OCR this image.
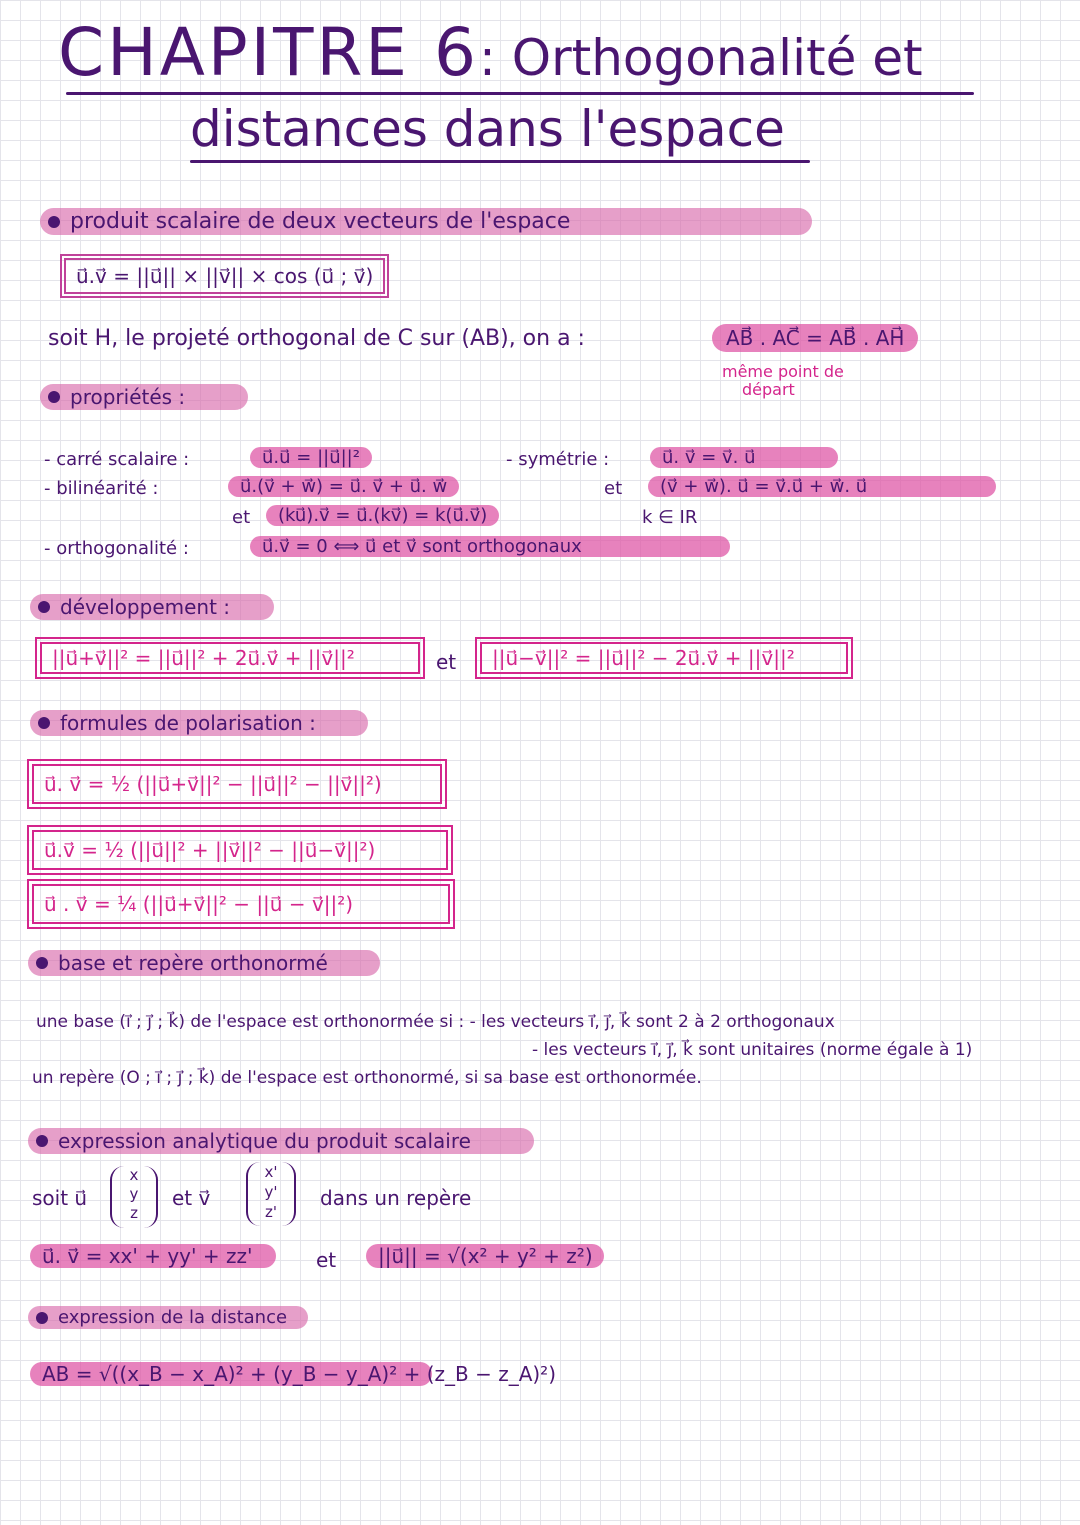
CHAPITRE 6: Orthogonalité et
distances dans l'espace
produit scalaire de deux vecteurs de l'espace
u⃗.v⃗ = ||u⃗|| × ||v⃗|| × cos (u⃗ ; v⃗)
soit H, le projeté orthogonal de C sur (AB), on a :	AB⃗ . AC⃗ = AB⃗ . AH⃗
même point de
départ
propriétés :
- carré scalaire :	u⃗.u⃗ = ||u⃗||²	- symétrie :	u⃗. v⃗ = v⃗. u⃗
- bilinéarité :	u⃗.(v⃗ + w⃗) = u⃗. v⃗ + u⃗. w⃗	et	(v⃗ + w⃗). u⃗ = v⃗.u⃗ + w⃗. u⃗
et	(ku⃗).v⃗ = u⃗.(kv⃗) = k(u⃗.v⃗)	k ∈ IR
- orthogonalité :	u⃗.v⃗ = 0 ⟺ u⃗ et v⃗ sont orthogonaux
développement :
||u⃗+v⃗||² = ||u⃗||² + 2u⃗.v⃗ + ||v⃗||²	et	||u⃗−v⃗||² = ||u⃗||² − 2u⃗.v⃗ + ||v⃗||²
formules de polarisation :
u⃗. v⃗ = ½ (||u⃗+v⃗||² − ||u⃗||² − ||v⃗||²)
u⃗.v⃗ = ½ (||u⃗||² + ||v⃗||² − ||u⃗−v⃗||²)
u⃗ . v⃗ = ¼ (||u⃗+v⃗||² − ||u⃗ − v⃗||²)
base et repère orthonormé
une base (i⃗ ; j⃗ ; k⃗) de l'espace est orthonormée si : - les vecteurs i⃗, j⃗, k⃗ sont 2 à 2 orthogonaux
- les vecteurs i⃗, j⃗, k⃗ sont unitaires (norme égale à 1)
un repère (O ; i⃗ ; j⃗ ; k⃗) de l'espace est orthonormé, si sa base est orthonormée.
expression analytique du produit scalaire
soit u⃗
x
y
z
et v⃗
x'
y'
z'
dans un repère
u⃗. v⃗ = xx' + yy' + zz'	et	||u⃗|| = √(x² + y² + z²)
expression de la distance
AB = √((x_B − x_A)² + (y_B − y_A)² + (z_B − z_A)²)
